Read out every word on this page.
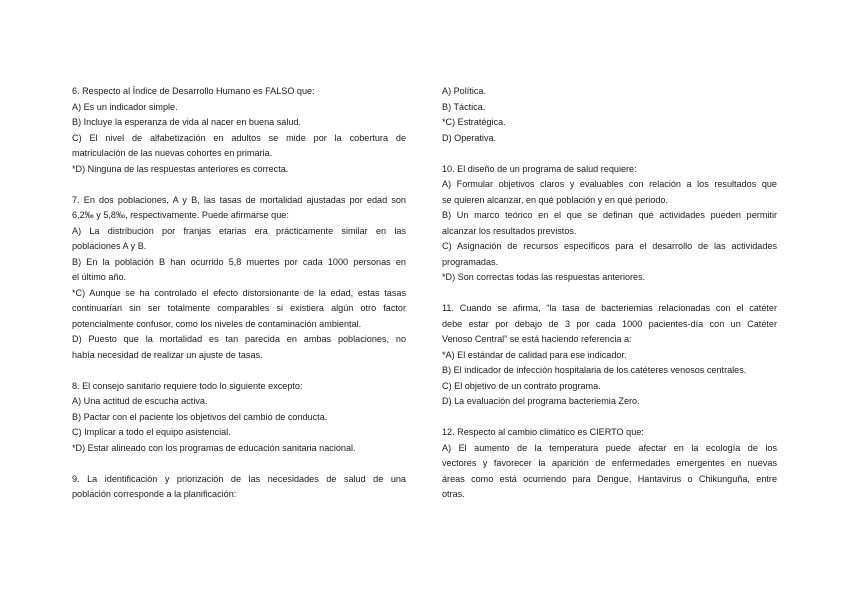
6. Respecto al Índice de Desarrollo Humano es FALSO que:
A) Es un indicador simple.
B) Incluye la esperanza de vida al nacer en buena salud.
C) El nivel de alfabetización en adultos se mide por la cobertura de
matriculación de las nuevas cohortes en primaria.
*D) Ninguna de las respuestas anteriores es correcta.
7. En dos poblaciones, A y B, las tasas de mortalidad ajustadas por edad son
6,2‰ y 5,8‰, respectivamente. Puede afirmarse que:
A) La distribución por franjas etarias era prácticamente similar en las
poblaciones A y B.
B) En la población B han ocurrido 5,8 muertes por cada 1000 personas en
el último año.
*C) Aunque se ha controlado el efecto distorsionante de la edad, estas tasas
continuarían sin ser totalmente comparables si existiera algún otro factor
potencialmente confusor, como los niveles de contaminación ambiental.
D) Puesto que la mortalidad es tan parecida en ambas poblaciones, no
había necesidad de realizar un ajuste de tasas.
8. El consejo sanitario requiere todo lo siguiente excepto:
A) Una actitud de escucha activa.
B) Pactar con el paciente los objetivos del cambio de conducta.
C) Implicar a todo el equipo asistencial.
*D) Estar alineado con los programas de educación sanitaria nacional.
9. La identificación y priorización de las necesidades de salud de una
población corresponde a la planificación:
A) Política.
B) Táctica.
*C) Estratégica.
D) Operativa.
10. El diseño de un programa de salud requiere:
A) Formular objetivos claros y evaluables con relación a los resultados que
se quieren alcanzar, en qué población y en qué periodo.
B) Un marco teórico en el que se definan qué actividades pueden permitir
alcanzar los resultados previstos.
C) Asignación de recursos específicos para el desarrollo de las actividades
programadas.
*D) Son correctas todas las respuestas anteriores.
11. Cuando se afirma, “la tasa de bacteriemias relacionadas con el catéter
debe estar por debajo de 3 por cada 1000 pacientes-día con un Catéter
Venoso Central” se está haciendo referencia a:
*A) El estándar de calidad para ese indicador.
B) El indicador de infección hospitalaria de los catéteres venosos centrales.
C) El objetivo de un contrato programa.
D) La evaluación del programa bacteriemia Zero.
12. Respecto al cambio climático es CIERTO que:
A) El aumento de la temperatura puede afectar en la ecología de los
vectores y favorecer la aparición de enfermedades emergentes en nuevas
áreas como está ocurriendo para Dengue, Hantavirus o Chikunguña, entre
otras.
